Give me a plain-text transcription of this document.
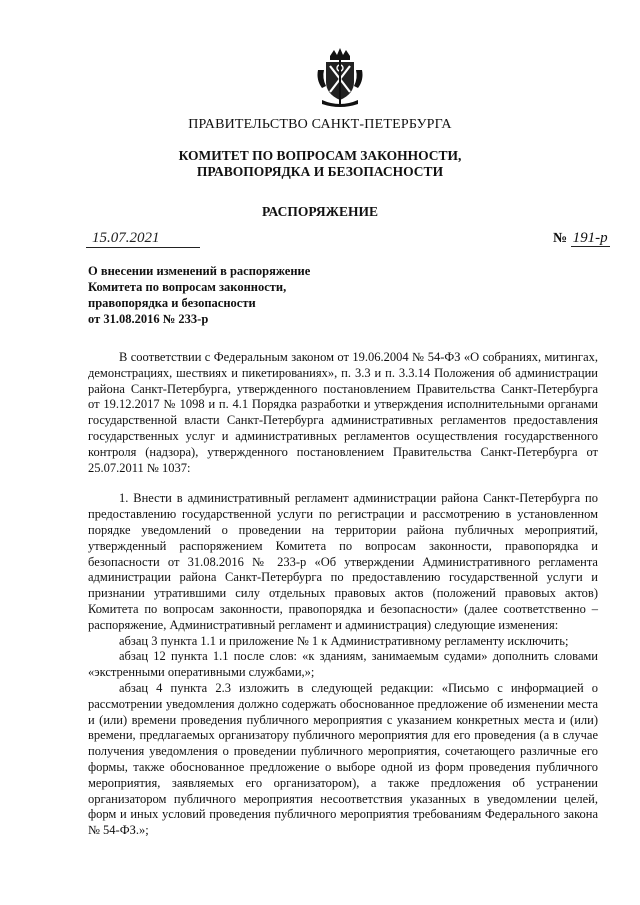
ПРАВИТЕЛЬСТВО САНКТ-ПЕТЕРБУРГА
КОМИТЕТ ПО ВОПРОСАМ ЗАКОННОСТИ,
ПРАВОПОРЯДКА И БЕЗОПАСНОСТИ
РАСПОРЯЖЕНИЕ
15.07.2021	№ 191-р
О внесении изменений в распоряжение
Комитета по вопросам законности,
правопорядка и безопасности
от 31.08.2016 № 233-р

В соответствии с Федеральным законом от 19.06.2004 № 54-ФЗ «О собраниях, митингах, демонстрациях, шествиях и пикетированиях», п. 3.3 и п. 3.3.14 Положения об администрации района Санкт-Петербурга, утвержденного постановлением Правительства Санкт-Петербурга от 19.12.2017 № 1098 и п. 4.1 Порядка разработки и утверждения исполнительными органами государственной власти Санкт-Петербурга административных регламентов предоставления государственных услуг и административных регламентов осуществления государственного контроля (надзора), утвержденного постановлением Правительства Санкт-Петербурга от 25.07.2011 № 1037:

1. Внести в административный регламент администрации района Санкт-Петербурга по предоставлению государственной услуги по регистрации и рассмотрению в установленном порядке уведомлений о проведении на территории района публичных мероприятий, утвержденный распоряжением Комитета по вопросам законности, правопорядка и безопасности от 31.08.2016 № 233-р «Об утверждении Административного регламента администрации района Санкт-Петербурга по предоставлению государственной услуги и признании утратившими силу отдельных правовых актов (положений правовых актов) Комитета по вопросам законности, правопорядка и безопасности» (далее соответственно – распоряжение, Административный регламент и администрация) следующие изменения:

абзац 3 пункта 1.1 и приложение № 1 к Административному регламенту исключить;

абзац 12 пункта 1.1 после слов: «к зданиям, занимаемым судами» дополнить словами «экстренными оперативными службами,»;

абзац 4 пункта 2.3 изложить в следующей редакции: «Письмо с информацией о рассмотрении уведомления должно содержать обоснованное предложение об изменении места и (или) времени проведения публичного мероприятия с указанием конкретных места и (или) времени, предлагаемых организатору публичного мероприятия для его проведения (а в случае получения уведомления о проведении публичного мероприятия, сочетающего различные его формы, также обоснованное предложение о выборе одной из форм проведения публичного мероприятия, заявляемых его организатором), а также предложения об устранении организатором публичного мероприятия несоответствия указанных в уведомлении целей, форм и иных условий проведения публичного мероприятия требованиям Федерального закона № 54-ФЗ.»;
